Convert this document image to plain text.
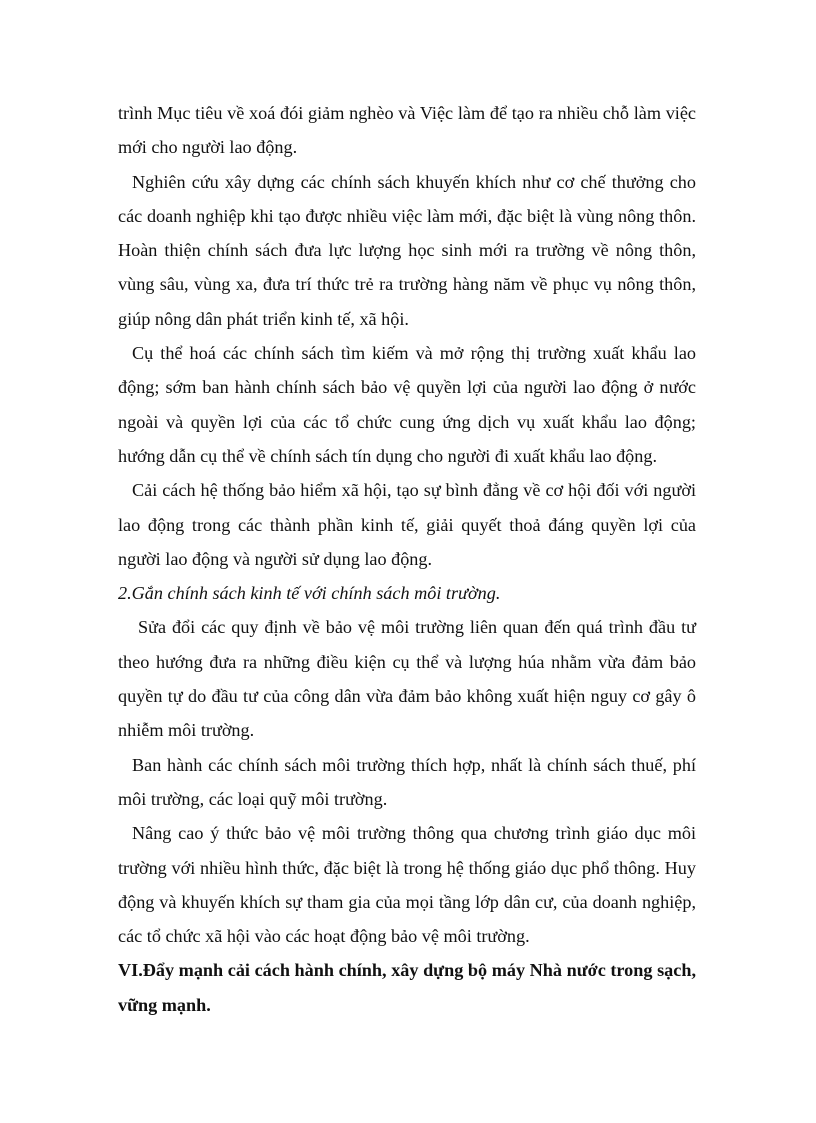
trình Mục tiêu về xoá đói giảm nghèo và Việc làm để tạo ra nhiều chỗ làm việc mới cho người lao động.

Nghiên cứu xây dựng các chính sách khuyến khích như cơ chế thưởng cho các doanh nghiệp khi tạo được nhiều việc làm mới, đặc biệt là vùng nông thôn. Hoàn thiện chính sách đưa lực lượng học sinh mới ra trường về nông thôn, vùng sâu, vùng xa, đưa trí thức trẻ ra trường hàng năm về phục vụ nông thôn, giúp nông dân phát triển kinh tế, xã hội.

Cụ thể hoá các chính sách tìm kiếm và mở rộng thị trường xuất khẩu lao động; sớm ban hành chính sách bảo vệ quyền lợi của người lao động ở nước ngoài và quyền lợi của các tổ chức cung ứng dịch vụ xuất khẩu lao động; hướng dẫn cụ thể về chính sách tín dụng cho người đi xuất khẩu lao động.

Cải cách hệ thống bảo hiểm xã hội, tạo sự bình đẳng về cơ hội đối với người lao động trong các thành phần kinh tế, giải quyết thoả đáng quyền lợi của người lao động và người sử dụng lao động.

2.Gắn chính sách kinh tế với chính sách môi trường.

Sửa đổi các quy định về bảo vệ môi trường liên quan đến quá trình đầu tư theo hướng đưa ra những điều kiện cụ thể và lượng húa nhằm vừa đảm bảo quyền tự do đầu tư của công dân vừa đảm bảo không xuất hiện nguy cơ gây ô nhiễm môi trường.

Ban hành các chính sách môi trường thích hợp, nhất là chính sách thuế, phí môi trường, các loại quỹ môi trường.

Nâng cao ý thức bảo vệ môi trường thông qua chương trình giáo dục môi trường với nhiều hình thức, đặc biệt là trong hệ thống giáo dục phổ thông. Huy động và khuyến khích sự tham gia của mọi tầng lớp dân cư, của doanh nghiệp, các tổ chức xã hội vào các hoạt động bảo vệ môi trường.

VI.Đẩy mạnh cải cách hành chính, xây dựng bộ máy Nhà nước trong sạch, vững mạnh.
